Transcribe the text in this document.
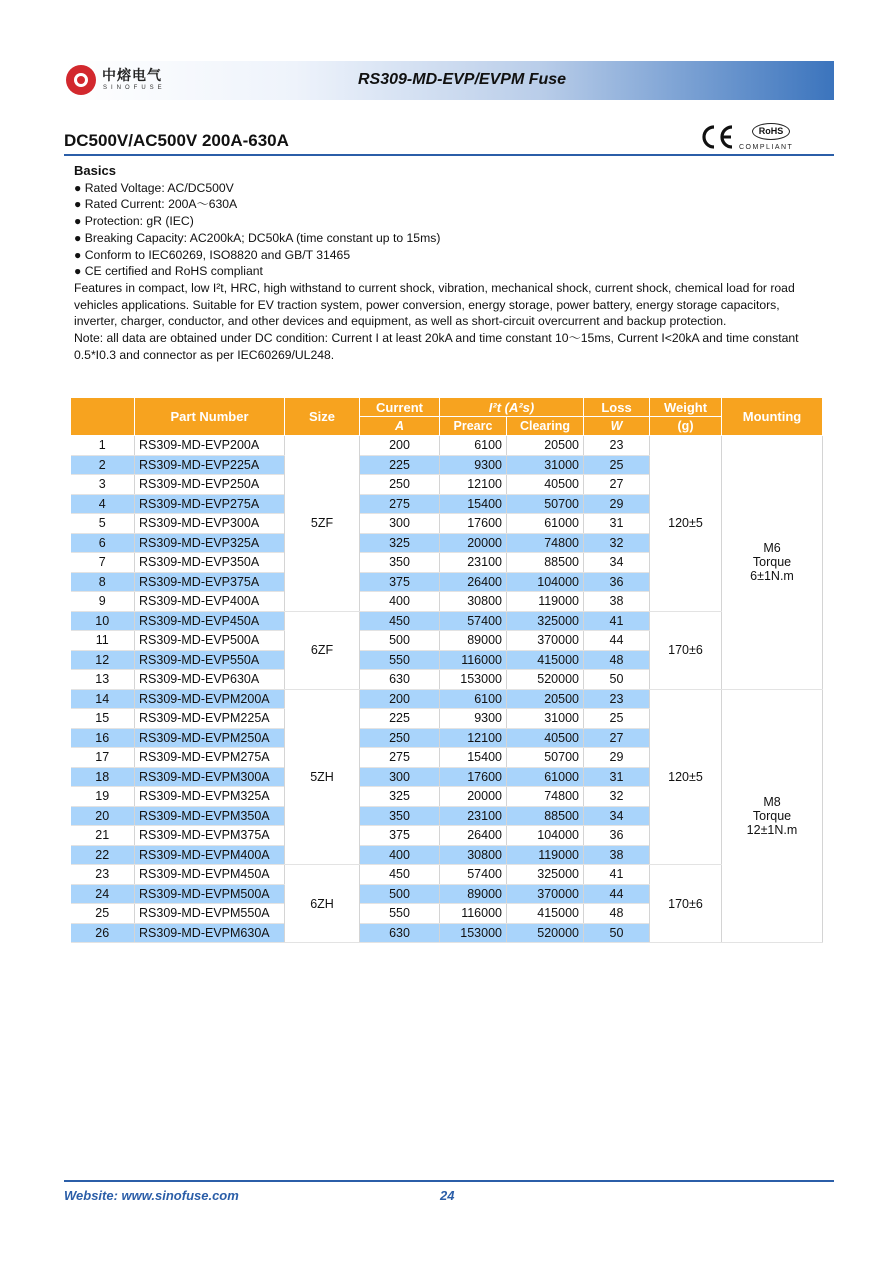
中熔电气
SINOFUSE	RS309-MD-EVP/EVPM Fuse
DC500V/AC500V 200A-630A	RoHS
COMPLIANT

Basics

● Rated Voltage: AC/DC500V

● Rated Current: 200A～630A

● Protection: gR (IEC)

● Breaking Capacity: AC200kA; DC50kA (time constant up to 15ms)

● Conform to IEC60269, ISO8820 and GB/T 31465

● CE certified and RoHS compliant

Features in compact, low I²t, HRC, high withstand to current shock, vibration, mechanical shock, current shock, chemical load for road vehicles applications. Suitable for EV traction system, power conversion, energy storage, power battery, energy storage capacitors, inverter, charger, conductor, and other devices and equipment, as well as short-circuit overcurrent and backup protection.

Note: all data are obtained under DC condition: Current I at least 20kA and time constant 10～15ms, Current I<20kA and time constant 0.5*I0.3 and connector as per IEC60269/UL248.

	Part Number	Size	Current	I²t (A²s)		Loss	Weight	Mounting
			A	Prearc	Clearing	W	(g)	
1	RS309-MD-EVP200A	5ZF	200	6100	20500	23	120±5	M6
Torque
6±1N.m

2	RS309-MD-EVP225A		225	9300	31000	25		
3	RS309-MD-EVP250A		250	12100	40500	27		
4	RS309-MD-EVP275A		275	15400	50700	29		
5	RS309-MD-EVP300A		300	17600	61000	31		
6	RS309-MD-EVP325A		325	20000	74800	32		
7	RS309-MD-EVP350A		350	23100	88500	34		
8	RS309-MD-EVP375A		375	26400	104000	36		
9	RS309-MD-EVP400A		400	30800	119000	38		
10	RS309-MD-EVP450A	6ZF	450	57400	325000	41	170±6	
11	RS309-MD-EVP500A		500	89000	370000	44		
12	RS309-MD-EVP550A		550	116000	415000	48		
13	RS309-MD-EVP630A		630	153000	520000	50		
14	RS309-MD-EVPM200A	5ZH	200	6100	20500	23	120±5	M8
Torque
12±1N.m

15	RS309-MD-EVPM225A		225	9300	31000	25		
16	RS309-MD-EVPM250A		250	12100	40500	27		
17	RS309-MD-EVPM275A		275	15400	50700	29		
18	RS309-MD-EVPM300A		300	17600	61000	31		
19	RS309-MD-EVPM325A		325	20000	74800	32		
20	RS309-MD-EVPM350A		350	23100	88500	34		
21	RS309-MD-EVPM375A		375	26400	104000	36		
22	RS309-MD-EVPM400A		400	30800	119000	38		
23	RS309-MD-EVPM450A	6ZH	450	57400	325000	41	170±6	
24	RS309-MD-EVPM500A		500	89000	370000	44		
25	RS309-MD-EVPM550A		550	116000	415000	48		
26	RS309-MD-EVPM630A		630	153000	520000	50		
Website: www.sinofuse.com	24
